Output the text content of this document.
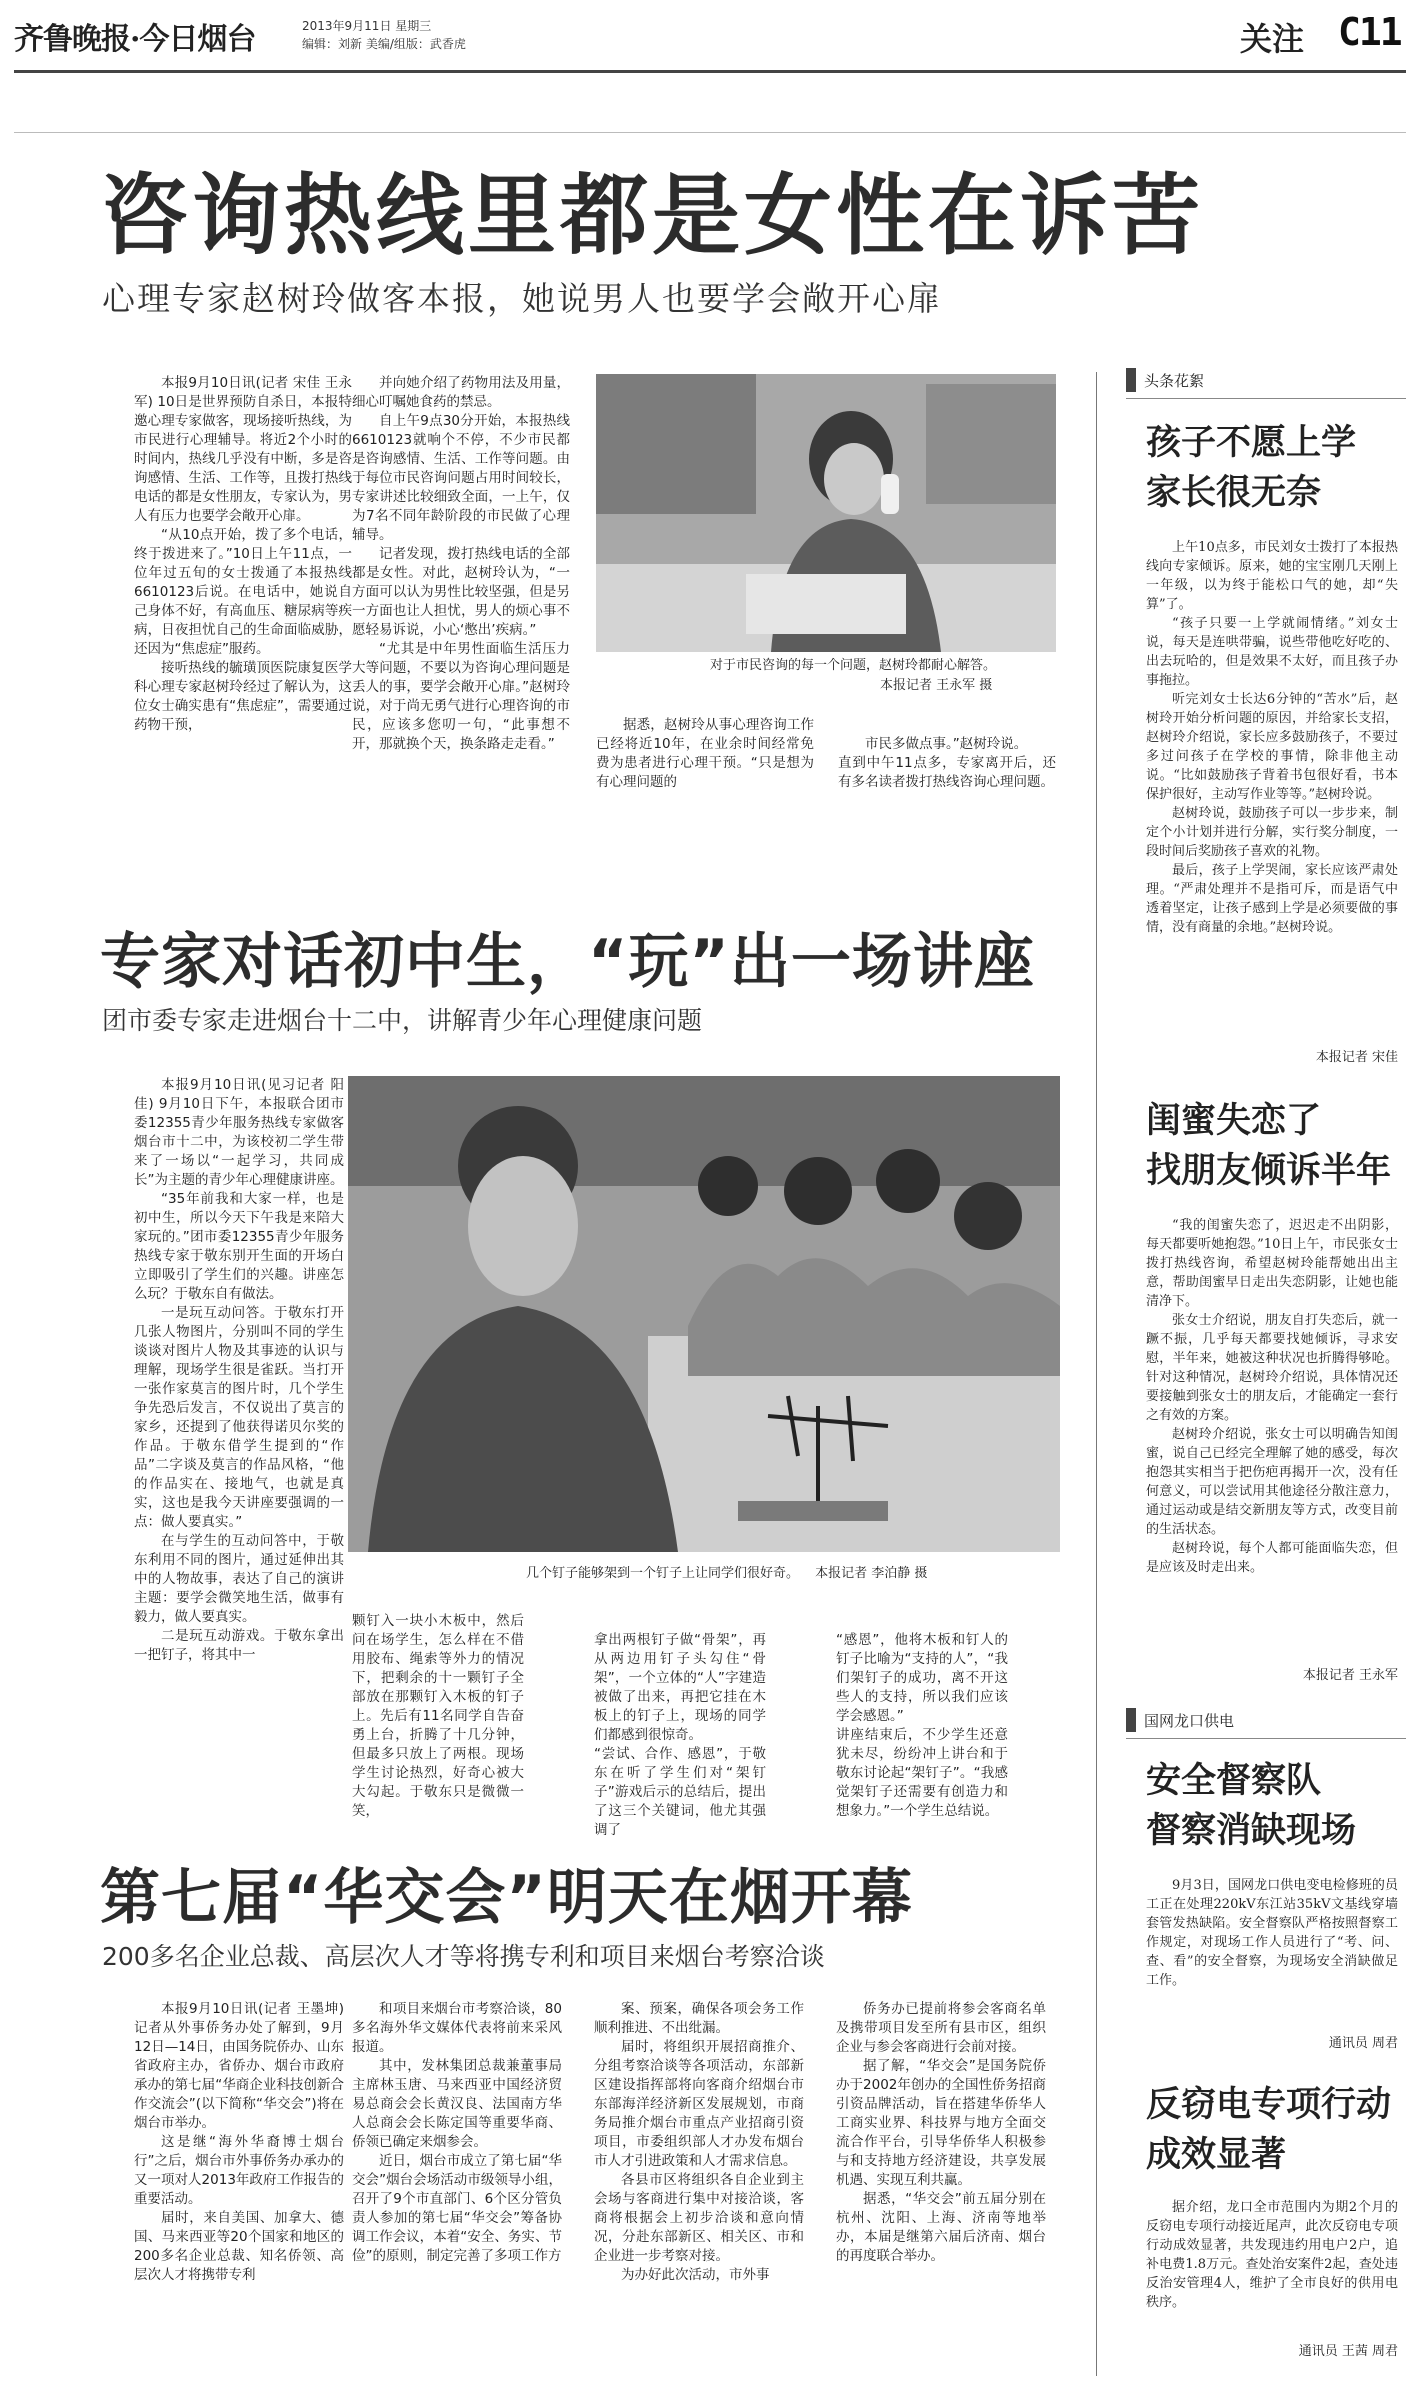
齐鲁晚报·今日烟台	2013年9月11日 星期三
编辑：刘新 美编/组版：武香虎	关注 C11
咨询热线里都是女性在诉苦
心理专家赵树玲做客本报，她说男人也要学会敞开心扉

本报9月10日讯(记者 宋佳 王永军) 10日是世界预防自杀日，本报特邀心理专家做客，现场接听热线，为市民进行心理辅导。将近2个小时的时间内，热线几乎没有中断，多是咨询感情、生活、工作等，且拨打热线电话的都是女性朋友，专家认为，男人有压力也要学会敞开心扉。

“从10点开始，拨了多个电话，终于拨进来了。”10日上午11点，一位年过五旬的女士拨通了本报热线6610123后说。在电话中，她说自己身体不好，有高血压、糖尿病等疾病，日夜担忧自己的生命面临威胁，还因为“焦虑症”服药。

接听热线的毓璜顶医院康复医学科心理专家赵树玲经过了解认为，这位女士确实患有“焦虑症”，需要通过药物干预，

并向她介绍了药物用法及用量，细心叮嘱她食药的禁忌。

自上午9点30分开始，本报热线6610123就响个不停，不少市民都是咨询感情、生活、工作等问题。由于每位市民咨询问题占用时间较长，专家讲述比较细致全面，一上午，仅为7名不同年龄阶段的市民做了心理辅导。

记者发现，拨打热线电话的全部都是女性。对此，赵树玲认为，“一方面可以认为男性比较坚强，但是另一方面也让人担忧，男人的烦心事不愿轻易诉说，小心‘憋出’疾病。”

“尤其是中年男性面临生活压力大等问题，不要以为咨询心理问题是丢人的事，要学会敞开心扉。”赵树玲说，对于尚无勇气进行心理咨询的市民，应该多您叨一句，“此事想不开，那就换个天，换条路走走看。”

对于市民咨询的每一个问题，赵树玲都耐心解答。
本报记者 王永军 摄

据悉，赵树玲从事心理咨询工作已经将近10年，在业余时间经常免费为患者进行心理干预。“只是想为有心理问题的

市民多做点事。”赵树玲说。
直到中午11点多，专家离开后，还有多名读者拨打热线咨询心理问题。

专家对话初中生，“玩”出一场讲座
团市委专家走进烟台十二中，讲解青少年心理健康问题

本报9月10日讯(见习记者 阳佳) 9月10日下午，本报联合团市委12355青少年服务热线专家做客烟台市十二中，为该校初二学生带来了一场以“一起学习，共同成长”为主题的青少年心理健康讲座。

“35年前我和大家一样，也是初中生，所以今天下午我是来陪大家玩的。”团市委12355青少年服务热线专家于敬东别开生面的开场白立即吸引了学生们的兴趣。讲座怎么玩？于敬东自有做法。

一是玩互动问答。于敬东打开几张人物图片，分别叫不同的学生谈谈对图片人物及其事迹的认识与理解，现场学生很是雀跃。当打开一张作家莫言的图片时，几个学生争先恐后发言，不仅说出了莫言的家乡，还提到了他获得诺贝尔奖的作品。于敬东借学生提到的“作品”二字谈及莫言的作品风格，“他的作品实在、接地气，也就是真实，这也是我今天讲座要强调的一点：做人要真实。”

在与学生的互动问答中，于敬东利用不同的图片，通过延伸出其中的人物故事，表达了自己的演讲主题：要学会微笑地生活，做事有毅力，做人要真实。

二是玩互动游戏。于敬东拿出一把钉子，将其中一

几个钉子能够架到一个钉子上让同学们很好奇。 本报记者 李泊静 摄

颗钉入一块小木板中，然后问在场学生，怎么样在不借用胶布、绳索等外力的情况下，把剩余的十一颗钉子全部放在那颗钉入木板的钉子上。先后有11名同学自告奋勇上台，折腾了十几分钟，但最多只放上了两根。现场学生讨论热烈，好奇心被大大勾起。于敬东只是微微一笑，

拿出两根钉子做“骨架”，再从两边用钉子头勾住“骨架”，一个立体的“人”字建造被做了出来，再把它挂在木板上的钉子上，现场的同学们都感到很惊奇。
“尝试、合作、感恩”，于敬东在听了学生们对“架钉子”游戏后示的总结后，提出了这三个关键词，他尤其强调了

“感恩”，他将木板和钉人的钉子比喻为“支持的人”，“我们架钉子的成功，离不开这些人的支持，所以我们应该学会感恩。”
讲座结束后，不少学生还意犹未尽，纷纷冲上讲台和于敬东讨论起“架钉子”。“我感觉架钉子还需要有创造力和想象力。”一个学生总结说。

第七届“华交会”明天在烟开幕
200多名企业总裁、高层次人才等将携专利和项目来烟台考察洽谈

本报9月10日讯(记者 王墨坤) 记者从外事侨务办处了解到，9月12日—14日，由国务院侨办、山东省政府主办，省侨办、烟台市政府承办的第七届“华商企业科技创新合作交流会”(以下简称“华交会”)将在烟台市举办。

这是继“海外华裔博士烟台行”之后，烟台市外事侨务办承办的又一项对人2013年政府工作报告的重要活动。

届时，来自美国、加拿大、德国、马来西亚等20个国家和地区的200多名企业总裁、知名侨领、高层次人才将携带专利

和项目来烟台市考察洽谈，80多名海外华文媒体代表将前来采风报道。

其中，发林集团总裁兼董事局主席林玉唐、马来西亚中国经济贸易总商会会长黄汉良、法国南方华人总商会会长陈定国等重要华商、侨领已确定来烟参会。

近日，烟台市成立了第七届“华交会”烟台会场活动市级领导小组，召开了9个市直部门、6个区分管负责人参加的第七届“华交会”筹备协调工作会议，本着“安全、务实、节俭”的原则，制定完善了多项工作方

案、预案，确保各项会务工作顺利推进、不出纰漏。

届时，将组织开展招商推介、分组考察洽谈等各项活动，东部新区建设指挥部将向客商介绍烟台市东部海洋经济新区发展规划，市商务局推介烟台市重点产业招商引资项目，市委组织部人才办发布烟台市人才引进政策和人才需求信息。

各县市区将组织各自企业到主会场与客商进行集中对接洽谈，客商将根据会上初步洽谈和意向情况，分赴东部新区、相关区、市和企业进一步考察对接。

为办好此次活动，市外事

侨务办已提前将参会客商名单及携带项目发至所有县市区，组织企业与参会客商进行会前对接。

据了解，“华交会”是国务院侨办于2002年创办的全国性侨务招商引资品牌活动，旨在搭建华侨华人工商实业界、科技界与地方全面交流合作平台，引导华侨华人积极参与和支持地方经济建设，共享发展机遇、实现互利共赢。

据悉，“华交会”前五届分别在杭州、沈阳、上海、济南等地举办，本届是继第六届后济南、烟台的再度联合举办。

头条花絮
孩子不愿上学
家长很无奈

上午10点多，市民刘女士拨打了本报热线向专家倾诉。原来，她的宝宝刚几天刚上一年级，以为终于能松口气的她，却“失算”了。

“孩子只要一上学就闹情绪。”刘女士说，每天是连哄带骗，说些带他吃好吃的、出去玩哈的，但是效果不太好，而且孩子办事拖拉。

听完刘女士长达6分钟的“苦水”后，赵树玲开始分析问题的原因，并给家长支招，赵树玲介绍说，家长应多鼓励孩子，不要过多过问孩子在学校的事情，除非他主动说。“比如鼓励孩子背着书包很好看，书本保护很好，主动写作业等等。”赵树玲说。

赵树玲说，鼓励孩子可以一步步来，制定个小计划并进行分解，实行奖分制度，一段时间后奖励孩子喜欢的礼物。

最后，孩子上学哭闹，家长应该严肃处理。“严肃处理并不是指可斥，而是语气中透着坚定，让孩子感到上学是必须要做的事情，没有商量的余地。”赵树玲说。

本报记者 宋佳
闺蜜失恋了
找朋友倾诉半年

“我的闺蜜失恋了，迟迟走不出阴影，每天都要听她抱怨。”10日上午，市民张女士拨打热线咨询，希望赵树玲能帮她出出主意，帮助闺蜜早日走出失恋阴影，让她也能清净下。

张女士介绍说，朋友自打失恋后，就一蹶不振，几乎每天都要找她倾诉，寻求安慰，半年来，她被这种状况也折腾得够呛。针对这种情况，赵树玲介绍说，具体情况还要接触到张女士的朋友后，才能确定一套行之有效的方案。

赵树玲介绍说，张女士可以明确告知闺蜜，说自己已经完全理解了她的感受，每次抱怨其实相当于把伤疤再揭开一次，没有任何意义，可以尝试用其他途径分散注意力，通过运动或是结交新朋友等方式，改变目前的生活状态。

赵树玲说，每个人都可能面临失恋，但是应该及时走出来。

本报记者 王永军
国网龙口供电
安全督察队
督察消缺现场

9月3日，国网龙口供电变电检修班的员工正在处理220kV东江站35kV文基线穿墙套管发热缺陷。安全督察队严格按照督察工作规定，对现场工作人员进行了“考、问、查、看”的安全督察，为现场安全消缺做足工作。

通讯员 周君
反窃电专项行动
成效显著

据介绍，龙口全市范围内为期2个月的反窃电专项行动接近尾声，此次反窃电专项行动成效显著，共发现违约用电户2户，追补电费1.8万元。查处治安案件2起，查处违反治安管理4人，维护了全市良好的供用电秩序。

通讯员 王茜 周君
